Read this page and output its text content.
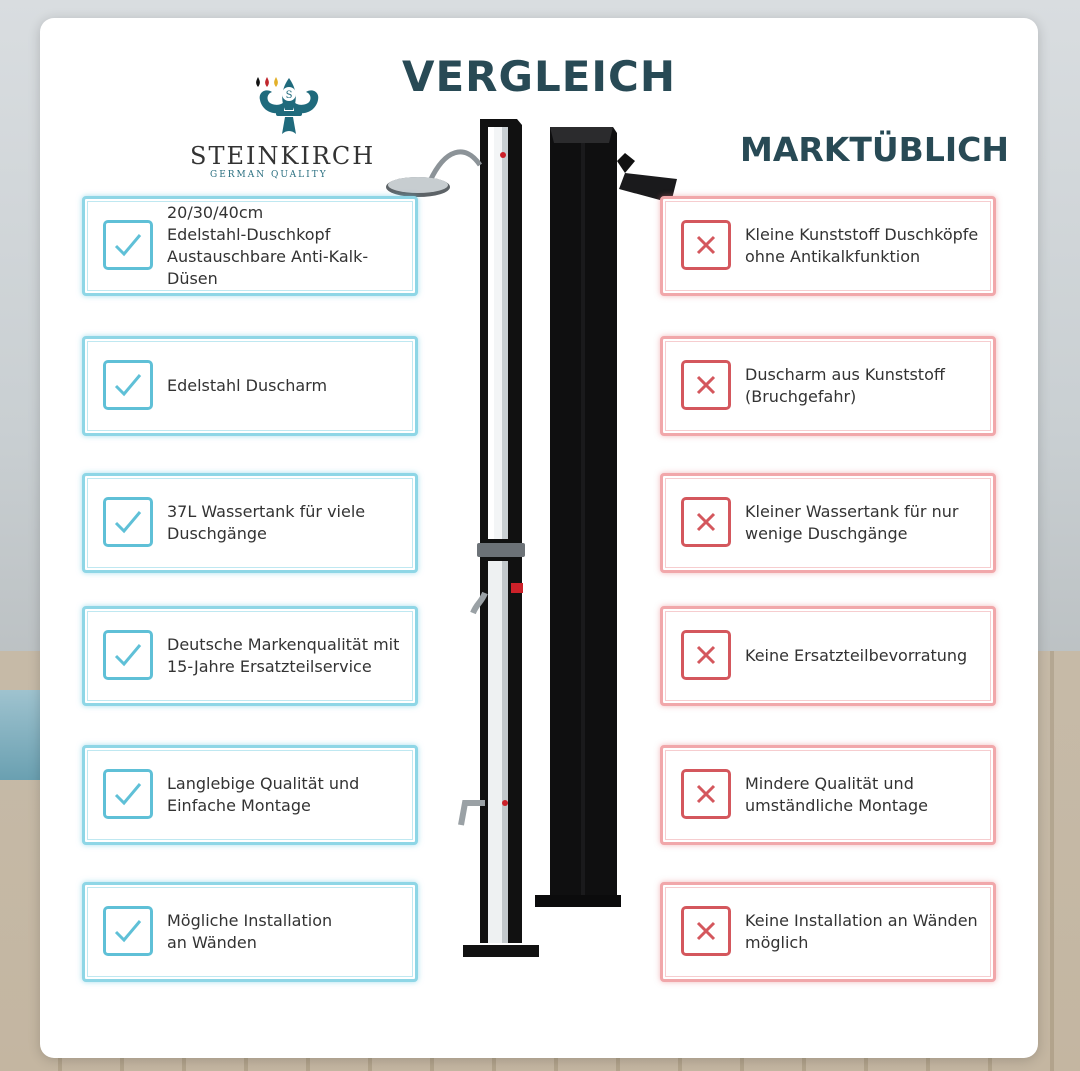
VERGLEICH
MARKTÜBLICH
S
STEINKIRCH
GERMAN QUALITY
20/30/40cm
Edelstahl-Duschkopf
Austauschbare Anti-Kalk-Düsen
Edelstahl Duscharm
37L Wassertank für viele
Duschgänge
Deutsche Markenqualität mit
15-Jahre Ersatzteilservice
Langlebige Qualität und
Einfache Montage
Mögliche Installation
an Wänden
Kleine Kunststoff Duschköpfe
ohne Antikalkfunktion
Duscharm aus Kunststoff
(Bruchgefahr)
Kleiner Wassertank für nur
wenige Duschgänge
Keine Ersatzteilbevorratung
Mindere Qualität und
umständliche Montage
Keine Installation an Wänden
möglich
